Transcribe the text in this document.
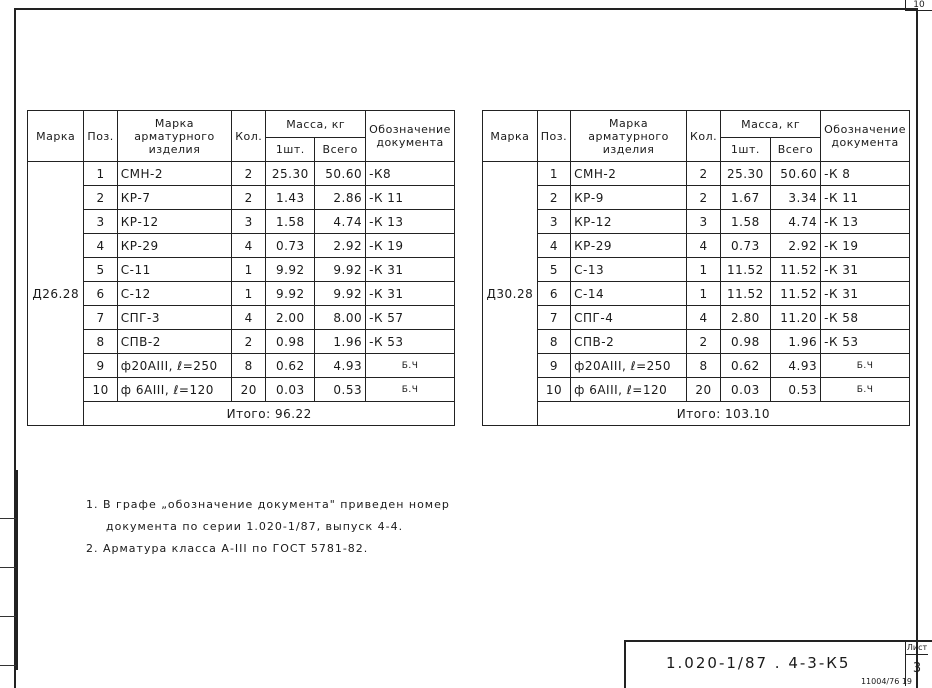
10
Марка	Поз.	Марка арматурного изделия	Кол.	Масса, кг		Обозначение документа
				1шт.	Всего	
Д26.28	1	СМН-2	2	25.30	50.60	-К8
	2	КР-7	2	1.43	2.86	-К 11
	3	КР-12	3	1.58	4.74	-К 13
	4	КР-29	4	0.73	2.92	-К 19
	5	С-11	1	9.92	9.92	-К 31
	6	С-12	1	9.92	9.92	-К 31
	7	СПГ-3	4	2.00	8.00	-К 57
	8	СПВ-2	2	0.98	1.96	-К 53
	9	ф20АIII, ℓ=250	8	0.62	4.93	Б.Ч
	10	ф 6АIII, ℓ=120	20	0.03	0.53	Б.Ч
	Итого: 96.22					
Марка	Поз.	Марка арматурного изделия	Кол.	Масса, кг		Обозначение документа
				1шт.	Всего	
Д30.28	1	СМН-2	2	25.30	50.60	-К 8
	2	КР-9	2	1.67	3.34	-К 11
	3	КР-12	3	1.58	4.74	-К 13
	4	КР-29	4	0.73	2.92	-К 19
	5	С-13	1	11.52	11.52	-К 31
	6	С-14	1	11.52	11.52	-К 31
	7	СПГ-4	4	2.80	11.20	-К 58
	8	СПВ-2	2	0.98	1.96	-К 53
	9	ф20АIII, ℓ=250	8	0.62	4.93	Б.Ч
	10	ф 6АIII, ℓ=120	20	0.03	0.53	Б.Ч
	Итого: 103.10					
1. В графе „обозначение документа" приведен номер
документа по серии 1.020-1/87, выпуск 4-4.
2. Арматура класса А-III по ГОСТ 5781-82.
1.020-1/87 . 4-3-К5
Лист
3
11004/76 19
